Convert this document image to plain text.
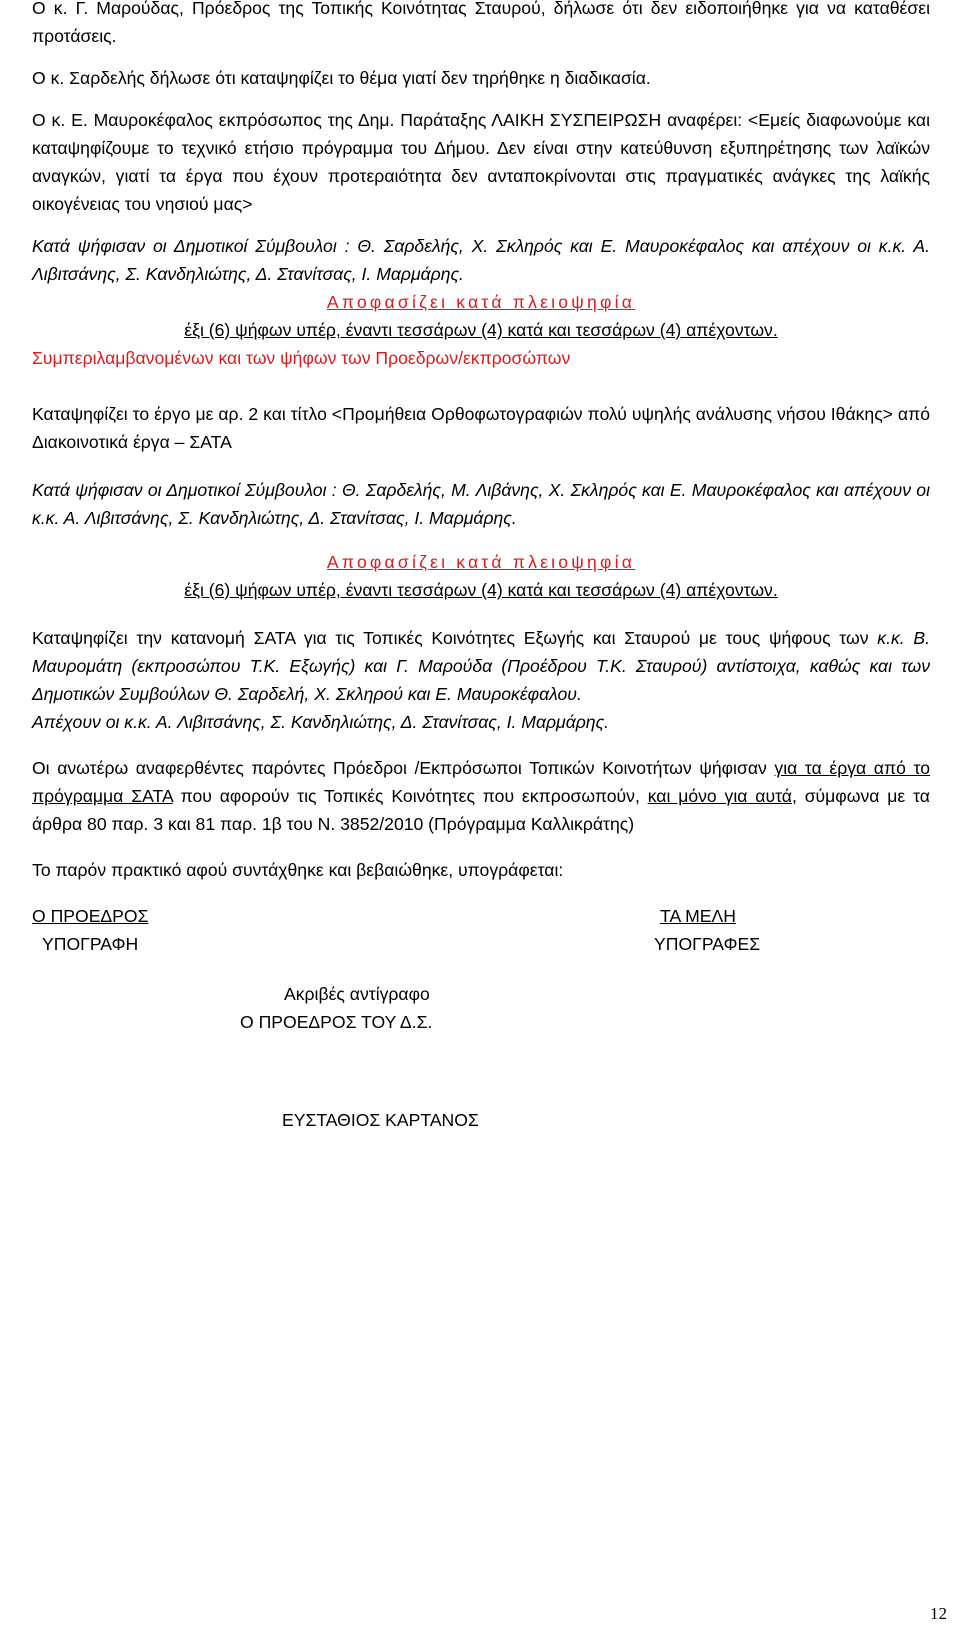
Ο κ. Γ. Μαρούδας, Πρόεδρος της Τοπικής Κοινότητας Σταυρού, δήλωσε ότι δεν ειδοποιήθηκε για να καταθέσει προτάσεις.

Ο κ. Σαρδελής δήλωσε ότι καταψηφίζει το θέμα γιατί δεν τηρήθηκε η διαδικασία.

Ο κ. Ε. Μαυροκέφαλος εκπρόσωπος της Δημ. Παράταξης ΛΑΙΚΗ ΣΥΣΠΕΙΡΩΣΗ αναφέρει: <Εμείς διαφωνούμε και καταψηφίζουμε το τεχνικό ετήσιο πρόγραμμα του Δήμου. Δεν είναι στην κατεύθυνση εξυπηρέτησης των λαϊκών αναγκών, γιατί τα έργα που έχουν προτεραιότητα δεν ανταποκρίνονται στις πραγματικές ανάγκες της λαϊκής οικογένειας του νησιού μας>

Κατά ψήφισαν οι Δημοτικοί Σύμβουλοι : Θ. Σαρδελής, Χ. Σκληρός και Ε. Μαυροκέφαλος και απέχουν οι κ.κ. Α. Λιβιτσάνης, Σ. Κανδηλιώτης, Δ. Στανίτσας, Ι. Μαρμάρης.

Αποφασίζει κατά πλειοψηφία

έξι (6) ψήφων υπέρ, έναντι τεσσάρων (4) κατά και τεσσάρων (4) απέχοντων.

Συμπεριλαμβανομένων και των ψήφων των Προεδρων/εκπροσώπων

Καταψηφίζει το έργο με αρ. 2 και τίτλο <Προμήθεια Ορθοφωτογραφιών πολύ υψηλής ανάλυσης νήσου Ιθάκης> από Διακοινοτικά έργα – ΣΑΤΑ

Κατά ψήφισαν οι Δημοτικοί Σύμβουλοι : Θ. Σαρδελής, Μ. Λιβάνης, Χ. Σκληρός και Ε. Μαυροκέφαλος και απέχουν οι κ.κ. Α. Λιβιτσάνης, Σ. Κανδηλιώτης, Δ. Στανίτσας, Ι. Μαρμάρης.

Αποφασίζει κατά πλειοψηφία

έξι (6) ψήφων υπέρ, έναντι τεσσάρων (4) κατά και τεσσάρων (4) απέχοντων.

Καταψηφίζει την κατανομή ΣΑΤΑ για τις Τοπικές Κοινότητες Εξωγής και Σταυρού με τους ψήφους των κ.κ. Β. Μαυρομάτη (εκπροσώπου Τ.Κ. Εξωγής) και Γ. Μαρούδα (Προέδρου Τ.Κ. Σταυρού) αντίστοιχα, καθώς και των Δημοτικών Συμβούλων Θ. Σαρδελή, Χ. Σκληρού και Ε. Μαυροκέφαλου.

Απέχουν οι κ.κ. Α. Λιβιτσάνης, Σ. Κανδηλιώτης, Δ. Στανίτσας, Ι. Μαρμάρης.

Οι ανωτέρω αναφερθέντες παρόντες Πρόεδροι /Εκπρόσωποι Τοπικών Κοινοτήτων ψήφισαν για τα έργα από το πρόγραμμα ΣΑΤΑ που αφορούν τις Τοπικές Κοινότητες που εκπροσωπούν, και μόνο για αυτά, σύμφωνα με τα άρθρα 80 παρ. 3 και 81 παρ. 1β του Ν. 3852/2010 (Πρόγραμμα Καλλικράτης)

Το παρόν πρακτικό αφού συντάχθηκε και βεβαιώθηκε, υπογράφεται:

Ο ΠΡΟΕΔΡΟΣ	ΤΑ ΜΕΛΗ
ΥΠΟΓΡΑΦΗ	ΥΠΟΓΡΑΦΕΣ
Ακριβές αντίγραφο
Ο ΠΡΟΕΔΡΟΣ ΤΟΥ Δ.Σ.
ΕΥΣΤΑΘΙΟΣ ΚΑΡΤΑΝΟΣ
12
